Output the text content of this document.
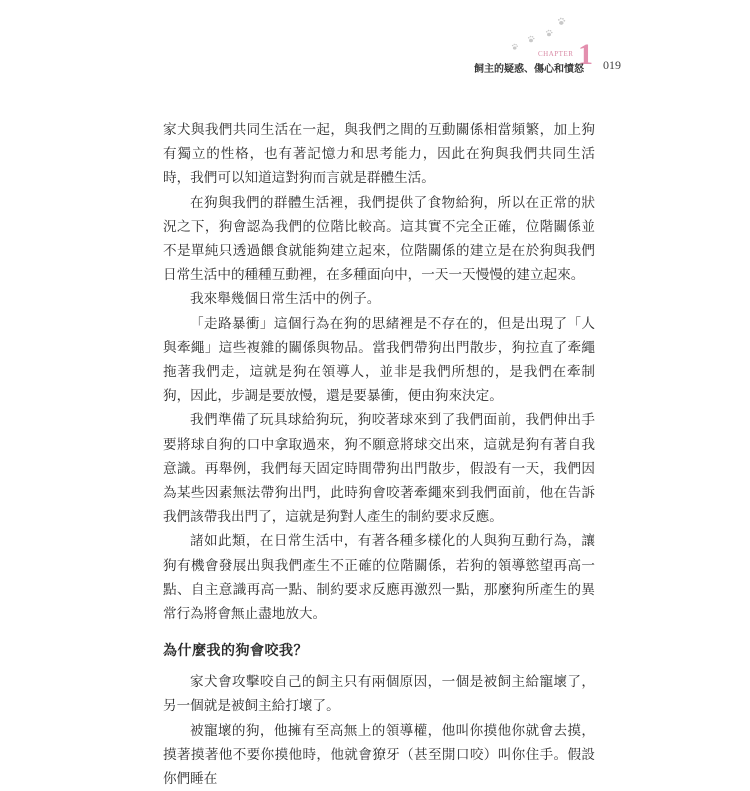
CHAPTER 1
飼主的疑惑、傷心和憤怒 019

家犬與我們共同生活在一起，與我們之間的互動關係相當頻繁，加上狗有獨立的性格，也有著記憶力和思考能力，因此在狗與我們共同生活時，我們可以知道這對狗而言就是群體生活。

在狗與我們的群體生活裡，我們提供了食物給狗，所以在正常的狀況之下，狗會認為我們的位階比較高。這其實不完全正確，位階關係並不是單純只透過餵食就能夠建立起來，位階關係的建立是在於狗與我們日常生活中的種種互動裡，在多種面向中，一天一天慢慢的建立起來。

我來舉幾個日常生活中的例子。

「走路暴衝」這個行為在狗的思緒裡是不存在的，但是出現了「人與牽繩」這些複雜的關係與物品。當我們帶狗出門散步，狗拉直了牽繩拖著我們走，這就是狗在領導人，並非是我們所想的，是我們在牽制狗，因此，步調是要放慢，還是要暴衝，便由狗來決定。

我們準備了玩具球給狗玩，狗咬著球來到了我們面前，我們伸出手要將球自狗的口中拿取過來，狗不願意將球交出來，這就是狗有著自我意識。再舉例，我們每天固定時間帶狗出門散步，假設有一天，我們因為某些因素無法帶狗出門，此時狗會咬著牽繩來到我們面前，他在告訴我們該帶我出門了，這就是狗對人產生的制約要求反應。

諸如此類，在日常生活中，有著各種多樣化的人與狗互動行為，讓狗有機會發展出與我們產生不正確的位階關係，若狗的領導慾望再高一點、自主意識再高一點、制約要求反應再激烈一點，那麼狗所產生的異常行為將會無止盡地放大。

為什麼我的狗會咬我？

家犬會攻擊咬自己的飼主只有兩個原因，一個是被飼主給寵壞了，另一個就是被飼主給打壞了。

被寵壞的狗，他擁有至高無上的領導權，他叫你摸他你就會去摸，摸著摸著他不要你摸他時，他就會獠牙（甚至開口咬）叫你住手。假設你們睡在
